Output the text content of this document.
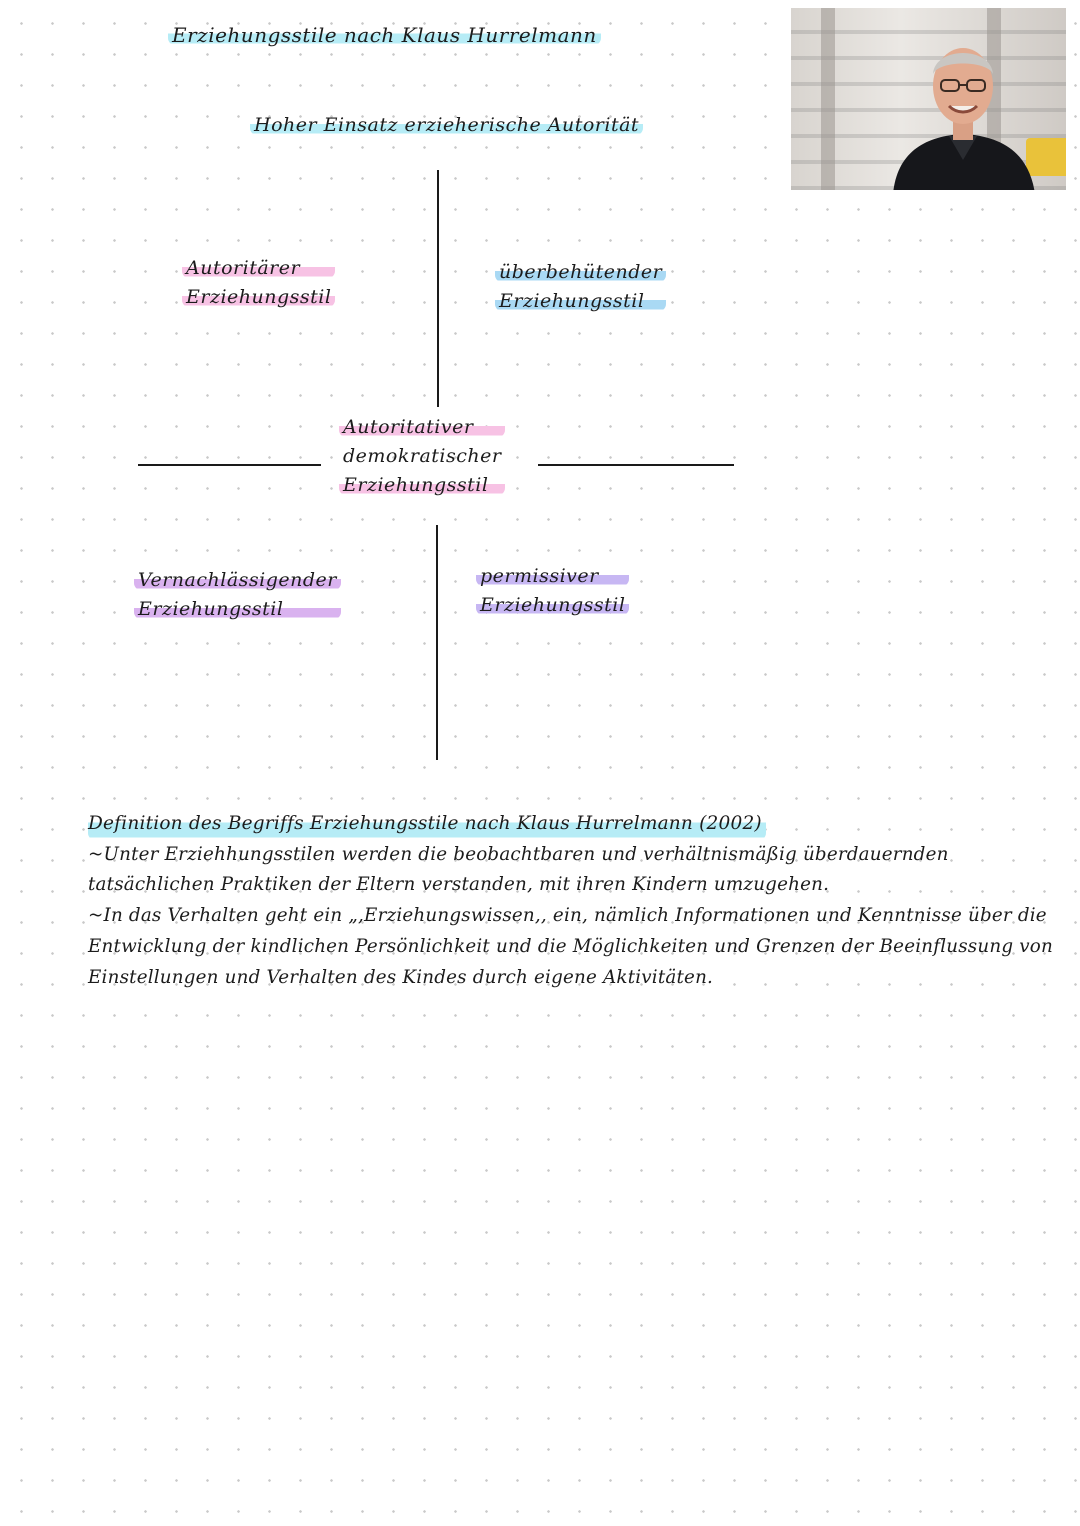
Erziehungsstile nach Klaus Hurrelmann
Hoher Einsatz erzieherische Autorität
Autoritärer
Erziehungsstil
überbehütender
Erziehungsstil
Autoritativer
demokratischer
Erziehungsstil
Vernachlässigender
Erziehungsstil
permissiver
Erziehungsstil

Definition des Begriffs Erziehungsstile nach Klaus Hurrelmann (2002)

~Unter Erziehhungsstilen werden die beobachtbaren und verhältnismäßig überdauernden tatsächlichen Praktiken der Eltern verstanden, mit ihren Kindern umzugehen.

~In das Verhalten geht ein „,Erziehungswissen,, ein, nämlich Informationen und Kenntnisse über die Entwicklung der kindlichen Persönlichkeit und die Möglichkeiten und Grenzen der Beeinflussung von Einstellungen und Verhalten des Kindes durch eigene Aktivitäten.
